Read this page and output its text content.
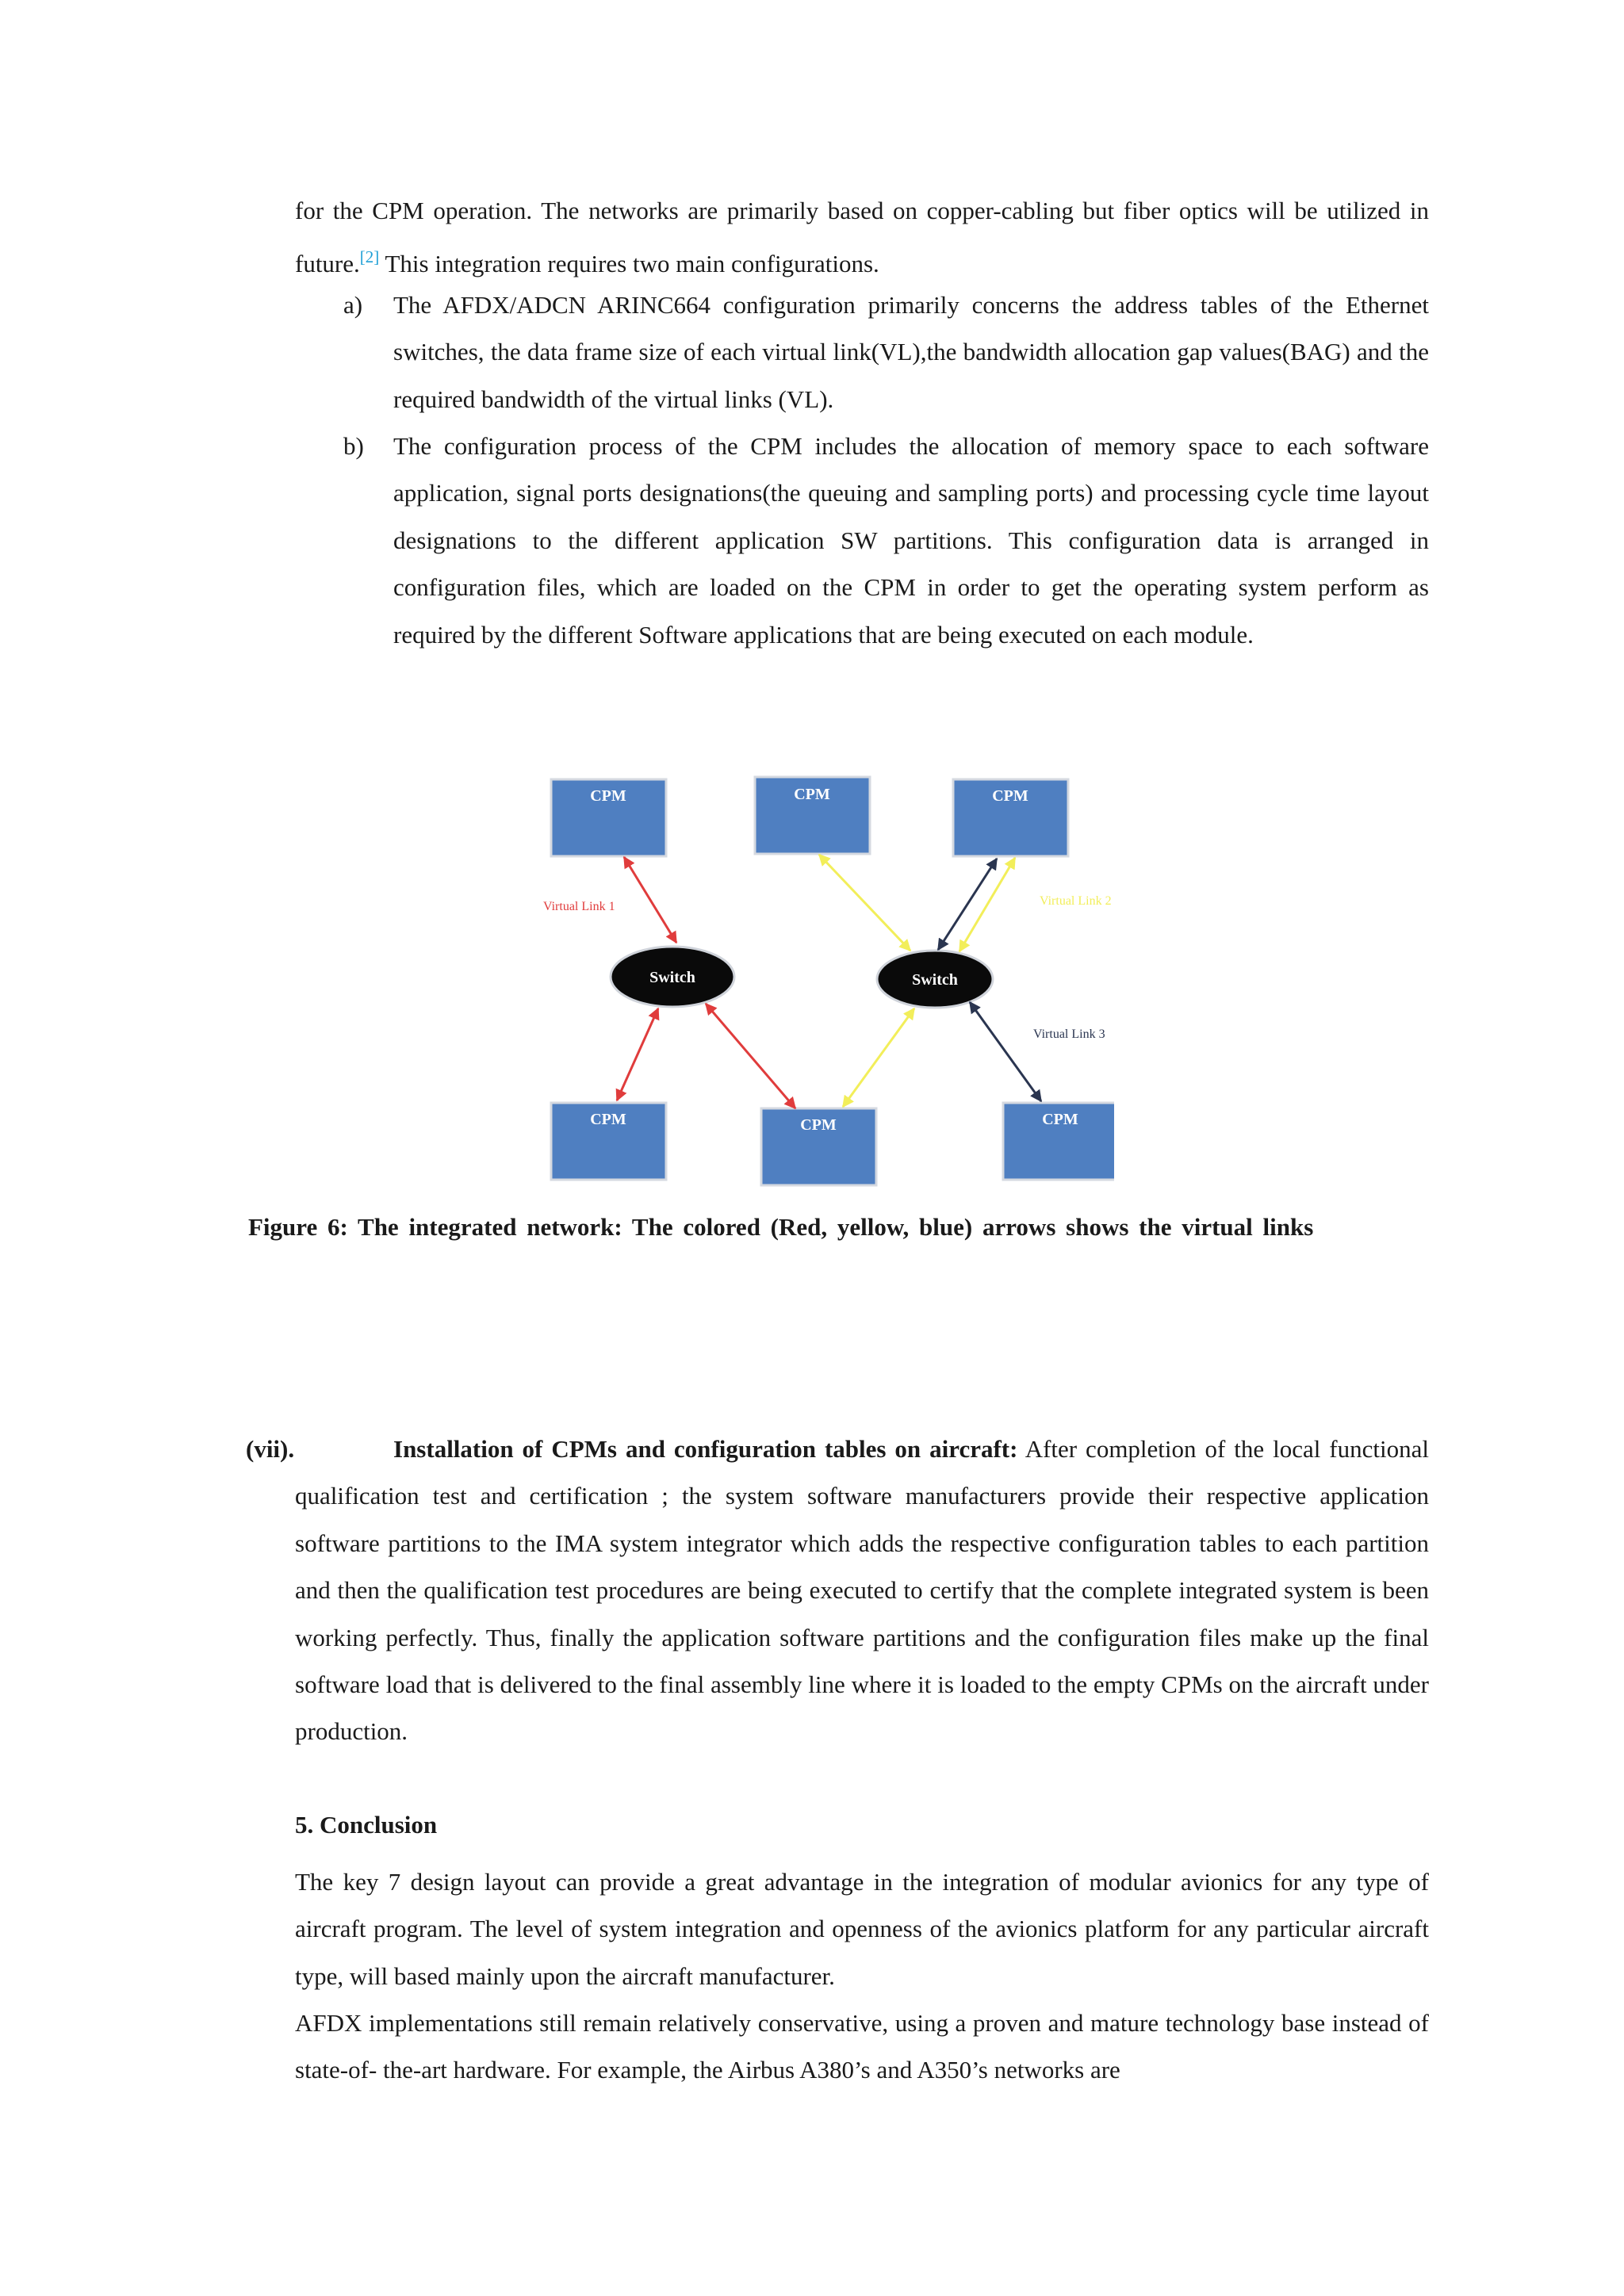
for the CPM operation. The networks are primarily based on copper-cabling but fiber optics will be utilized in future.[2] This integration requires two main configurations.

a) The AFDX/ADCN ARINC664 configuration primarily concerns the address tables of the Ethernet switches, the data frame size of each virtual link(VL),the bandwidth allocation gap values(BAG) and the required bandwidth of the virtual links (VL).

b) The configuration process of the CPM includes the allocation of memory space to each software application, signal ports designations(the queuing and sampling ports) and processing cycle time layout designations to the different application SW partitions. This configuration data is arranged in configuration files, which are loaded on the CPM in order to get the operating system perform as required by the different Software applications that are being executed on each module.

CPM	CPM	CPM
Switch	Switch
CPM	CPM	CPM
Virtual Link 1	Virtual Link 2
Virtual Link 3
Figure 6: The integrated network: The colored (Red, yellow, blue) arrows shows the virtual links
(vii).	Installation of CPMs and configuration tables on aircraft: After completion of the local functional qualification test and certification ; the system software manufacturers provide their respective application software partitions to the IMA system integrator which adds the respective configuration tables to each partition and then the qualification test procedures are being executed to certify that the complete integrated system is been working perfectly. Thus, finally the application software partitions and the configuration files make up the final software load that is delivered to the final assembly line where it is loaded to the empty CPMs on the aircraft under production.

5. Conclusion

The key 7 design layout can provide a great advantage in the integration of modular avionics for any type of aircraft program. The level of system integration and openness of the avionics platform for any particular aircraft type, will based mainly upon the aircraft manufacturer.

AFDX implementations still remain relatively conservative, using a proven and mature technology base instead of state-of- the-art hardware. For example, the Airbus A380’s and A350’s networks are
